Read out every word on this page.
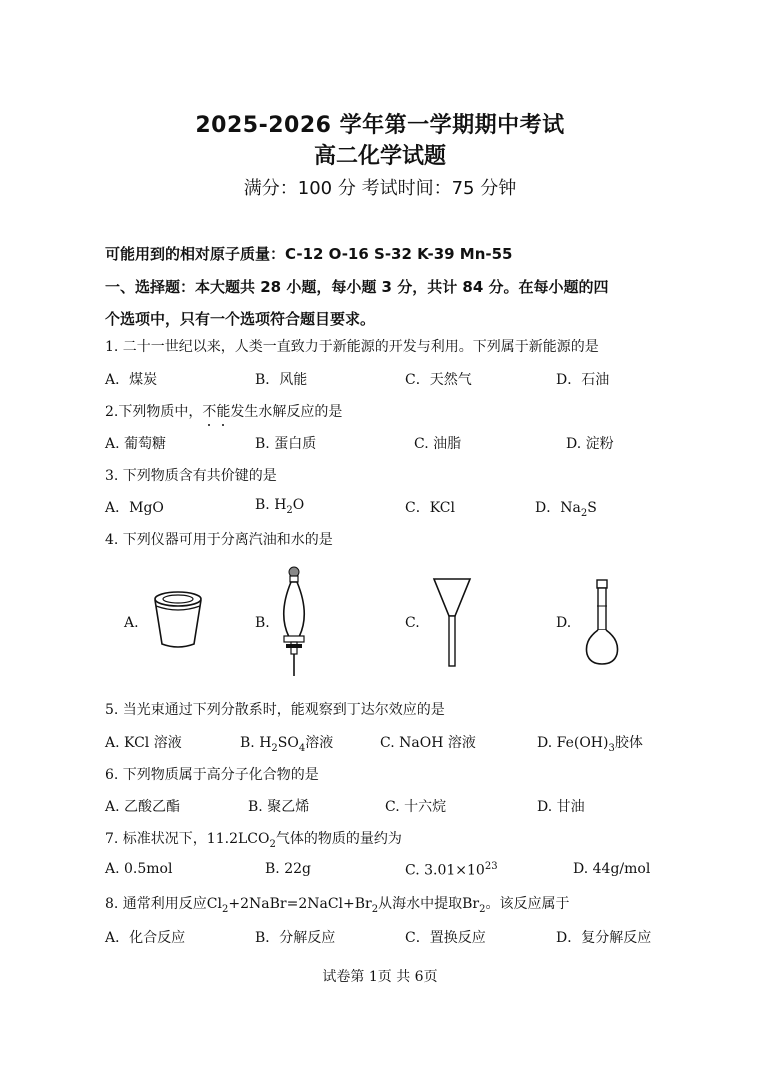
2025-2026 学年第一学期期中考试
高二化学试题
满分：100 分 考试时间：75 分钟
可能用到的相对原子质量：C-12 O-16 S-32 K-39 Mn-55
一、选择题：本大题共 28 小题，每小题 3 分，共计 84 分。在每小题的四
个选项中，只有一个选项符合题目要求。
1. 二十一世纪以来，人类一直致力于新能源的开发与利用。下列属于新能源的是
A．煤炭	B．风能	C．天然气	D．石油
2.下列物质中，不能发生水解反应的是
A. 葡萄糖	B. 蛋白质	C. 油脂	D. 淀粉
3. 下列物质含有共价键的是
A．MgO	B. $H_2O$	C．KCl	D．$Na_2S$
4. 下列仪器可用于分离汽油和水的是
A.	B.	C.	D.
5. 当光束通过下列分散系时，能观察到丁达尔效应的是
A. KCl 溶液	B. $H_2SO_4$溶液	C. NaOH 溶液	D. $Fe(OH)_3$胶体
6. 下列物质属于高分子化合物的是
A. 乙酸乙酯	B. 聚乙烯	C. 十六烷	D. 甘油
7. 标准状况下，$11.2LCO_2$气体的物质的量约为
A. 0.5mol	B. 22g	C. $3.01\times 10^{23}$	D. 44g/mol
8. 通常利用反应$Cl_2+2NaBr=2NaCl+Br_2$从海水中提取$Br_2$。该反应属于
A．化合反应	B．分解反应	C．置换反应	D．复分解反应
试卷第 1页 共 6页
